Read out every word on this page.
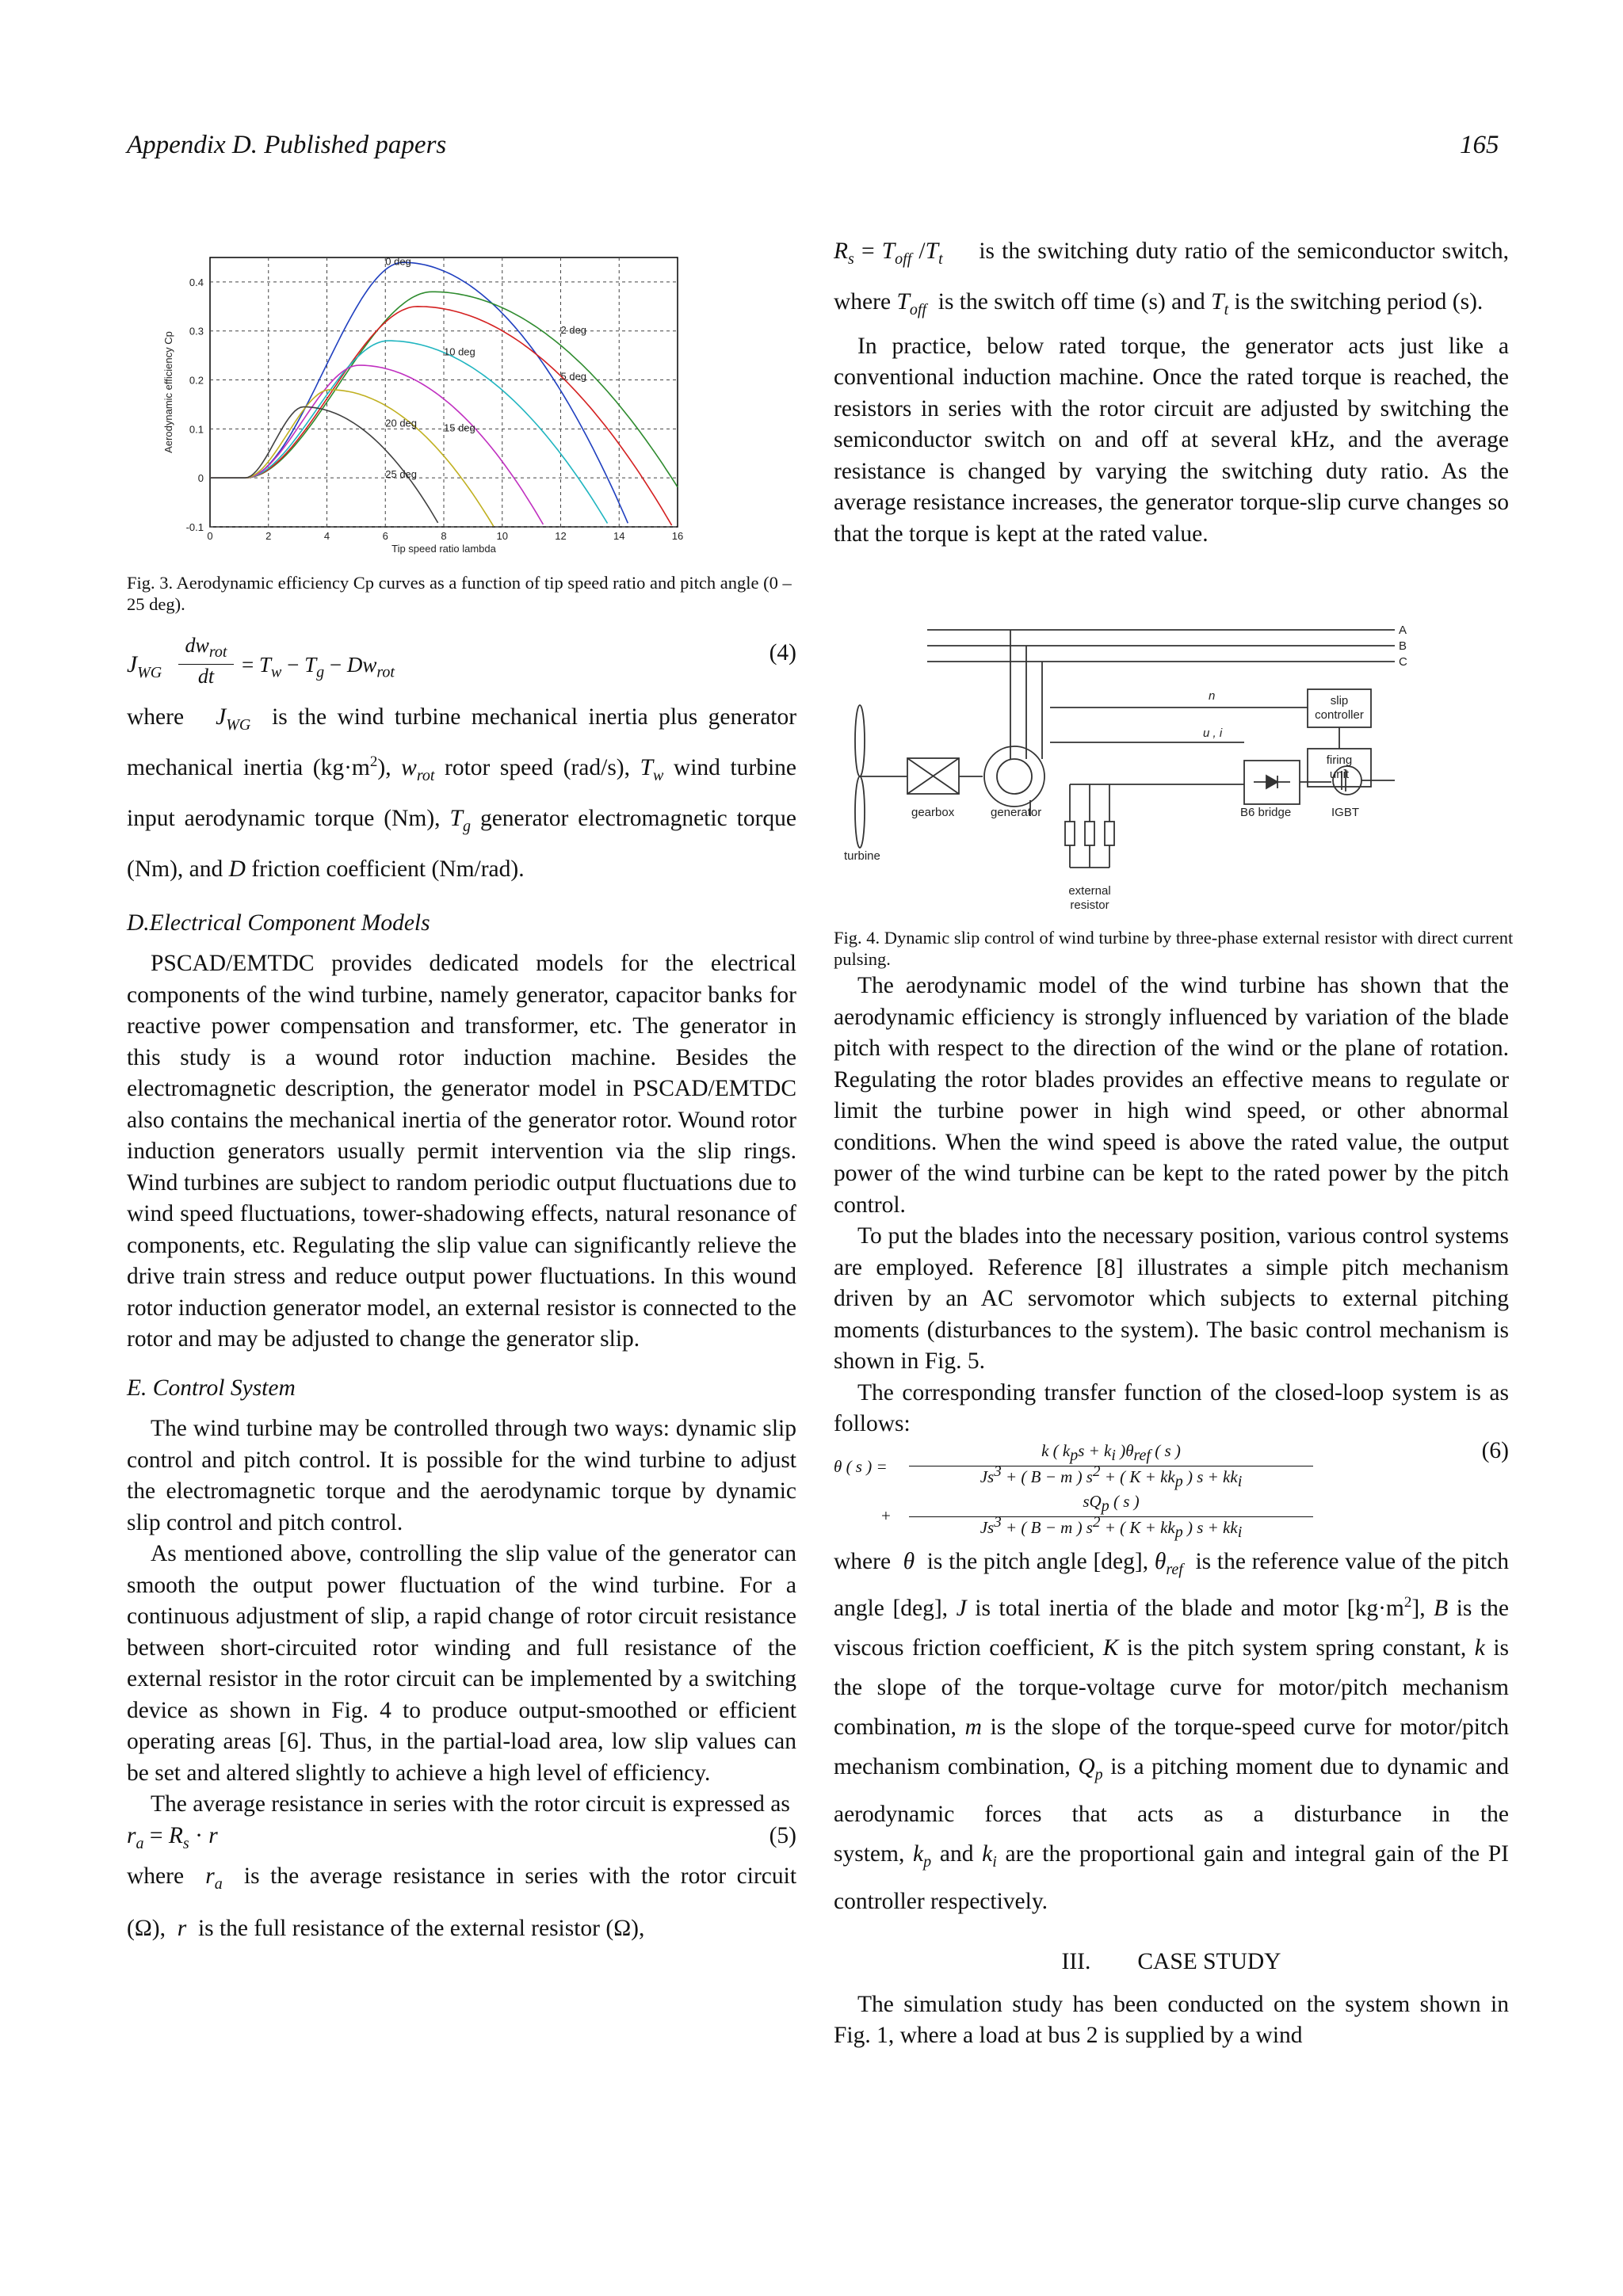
Appendix D. Published papers	165
0	2	4	6	8	10	12	14	16
-0.1
0
0.1
0.2
0.3
0.4
Tip speed ratio lambda
Aerodynamic efficiency Cp
0 deg
2 deg
10 deg
5 deg
20 deg	15 deg
25 deg
Fig. 3. Aerodynamic efficiency Cp curves as a function of tip speed ratio and pitch angle (0 – 25 deg).
$J_{WG}$
$dw_{rot}$
dt	= $T_w - T_g - Dw_{rot}$
(4)

where $J_{WG}$ is the wind turbine mechanical inertia plus generator mechanical inertia $(kg\cdot m^2)$, $w_{rot}$ rotor speed (rad/s), $T_w$ wind turbine input aerodynamic torque (Nm), $T_g$ generator electromagnetic torque (Nm), and D friction coefficient (Nm/rad).

D.Electrical Component Models

PSCAD/EMTDC provides dedicated models for the electrical components of the wind turbine, namely generator, capacitor banks for reactive power compensation and transformer, etc. The generator in this study is a wound rotor induction machine. Besides the electromagnetic description, the generator model in PSCAD/EMTDC also contains the mechanical inertia of the generator rotor. Wound rotor induction generators usually permit intervention via the slip rings. Wind turbines are subject to random periodic output fluctuations due to wind speed fluctuations, tower-shadowing effects, natural resonance of components, etc. Regulating the slip value can significantly relieve the drive train stress and reduce output power fluctuations. In this wound rotor induction generator model, an external resistor is connected to the rotor and may be adjusted to change the generator slip.

E. Control System

The wind turbine may be controlled through two ways: dynamic slip control and pitch control. It is possible for the wind turbine to adjust the electromagnetic torque and the aerodynamic torque by dynamic slip control and pitch control.

As mentioned above, controlling the slip value of the generator can smooth the output power fluctuation of the wind turbine. For a continuous adjustment of slip, a rapid change of rotor circuit resistance between short-circuited rotor winding and full resistance of the external resistor in the rotor circuit can be implemented by a switching device as shown in Fig. 4 to produce output-smoothed or efficient operating areas [6]. Thus, in the partial-load area, low slip values can be set and altered slightly to achieve a high level of efficiency.

The average resistance in series with the rotor circuit is expressed as

$r_a = R_s \cdot r$	(5)

where $r_a$ is the average resistance in series with the rotor circuit (Ω), r is the full resistance of the external resistor (Ω),

$R_s = T_{off}$ $/T_t$ is the switching duty ratio of the semiconductor switch, where $T_{off}$ is the switch off time (s) and $T_t$ is the switching period (s).

In practice, below rated torque, the generator acts just like a conventional induction machine. Once the rated torque is reached, the resistors in series with the rotor circuit are adjusted by switching the semiconductor switch on and off at several kHz, and the average resistance is changed by varying the switching duty ratio. As the average resistance increases, the generator torque-slip curve changes so that the torque is kept at the rated value.

A
B
C
n
u , i
slip
controller
firing
unit
gearbox	generator	B6 bridge	IGBT
turbine
external
resistor
Fig. 4. Dynamic slip control of wind turbine by three-phase external resistor with direct current pulsing.

The aerodynamic model of the wind turbine has shown that the aerodynamic efficiency is strongly influenced by variation of the blade pitch with respect to the direction of the wind or the plane of rotation. Regulating the rotor blades provides an effective means to regulate or limit the turbine power in high wind speed, or other abnormal conditions. When the wind speed is above the rated value, the output power of the wind turbine can be kept to the rated power by the pitch control.

To put the blades into the necessary position, various control systems are employed. Reference [8] illustrates a simple pitch mechanism driven by an AC servomotor which subjects to external pitching moments (disturbances to the system). The basic control mechanism is shown in Fig. 5.

The corresponding transfer function of the closed-loop system is as follows:

θ ( s ) =
k ( $k_ps + k_i$ )$\theta_{ref}$ ( s )
$Js^3$ + ( B − m ) $s^2$ + ( $K + kk_p$ ) $s + kk_i$
+
$sQ_p$ ( s )
$Js^3$ + ( B − m ) $s^2$ + ( $K + kk_p$ ) $s + kk_i$
(6)

where θ is the pitch angle [deg], $\theta_{ref}$ is the reference value of the pitch angle [deg], J is total inertia of the blade and motor $[kg\cdot m^2]$, B is the viscous friction coefficient, K is the pitch system spring constant, k is the slope of the torque-voltage curve for motor/pitch mechanism combination, m is the slope of the torque-speed curve for motor/pitch mechanism combination, $Q_p$ is a pitching moment due to dynamic and aerodynamic forces that acts as a disturbance in the system, $k_p$ and $k_i$ are the proportional gain and integral gain of the PI controller respectively.

III.        CASE STUDY

The simulation study has been conducted on the system shown in Fig. 1, where a load at bus 2 is supplied by a wind
